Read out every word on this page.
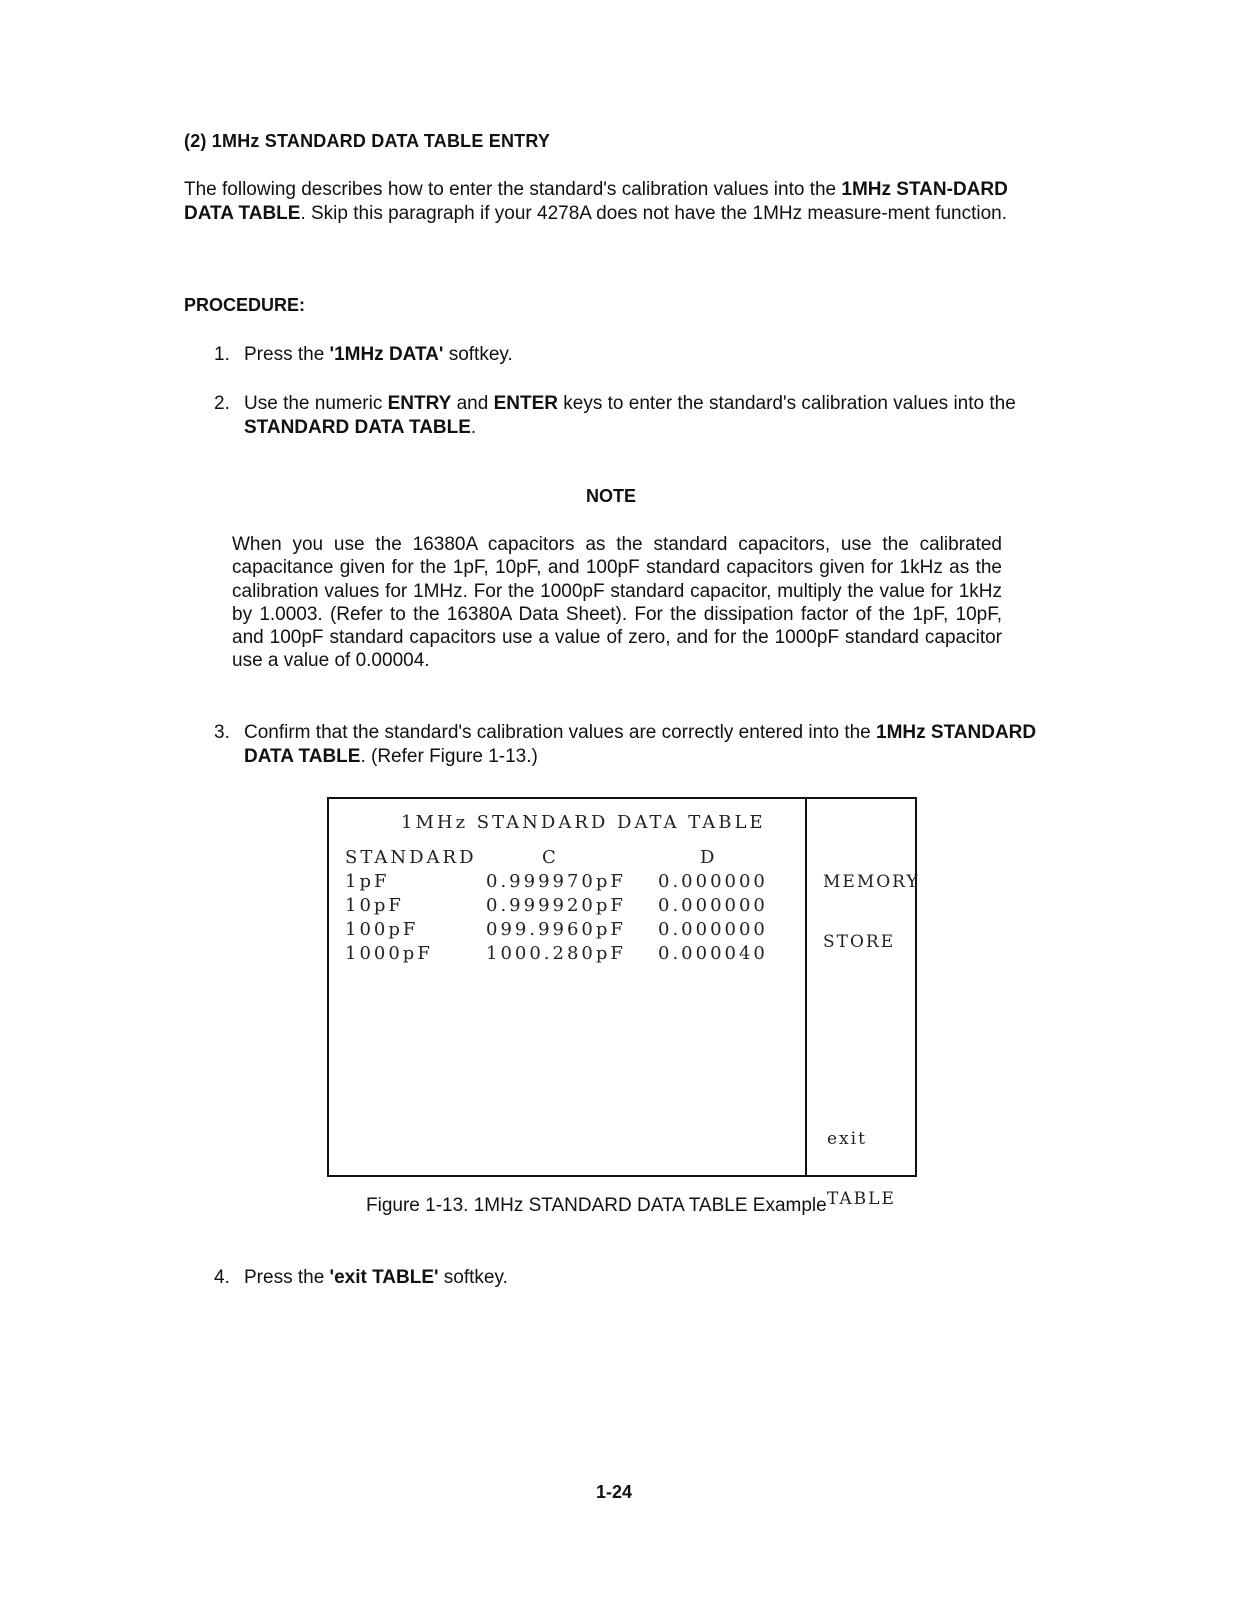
(2) 1MHz STANDARD DATA TABLE ENTRY
The following describes how to enter the standard's calibration values into the 1MHz STAN-DARD DATA TABLE. Skip this paragraph if your 4278A does not have the 1MHz measure-ment function.
PROCEDURE:
1. Press the '1MHz DATA' softkey.
2. Use the numeric ENTRY and ENTER keys to enter the standard's calibration values into the STANDARD DATA TABLE.
NOTE
When you use the 16380A capacitors as the standard capacitors, use the calibrated capacitance given for the 1pF, 10pF, and 100pF standard capacitors given for 1kHz as the calibration values for 1MHz. For the 1000pF standard capacitor, multiply the value for 1kHz by 1.0003. (Refer to the 16380A Data Sheet). For the dissipation factor of the 1pF, 10pF, and 100pF standard capacitors use a value of zero, and for the 1000pF standard capacitor use a value of 0.00004.
3. Confirm that the standard's calibration values are correctly entered into the 1MHz STANDARD DATA TABLE. (Refer Figure 1-13.)
1MHz STANDARD DATA TABLE
STANDARD	C	D
1pF	0.999970pF 0.000000
10pF	0.999920pF 0.000000
100pF	099.9960pF 0.000000
1000pF	1000.280pF 0.000040

MEMORY

STORE

exit

TABLE

Figure 1-13. 1MHz STANDARD DATA TABLE Example
4. Press the 'exit TABLE' softkey.
1-24
